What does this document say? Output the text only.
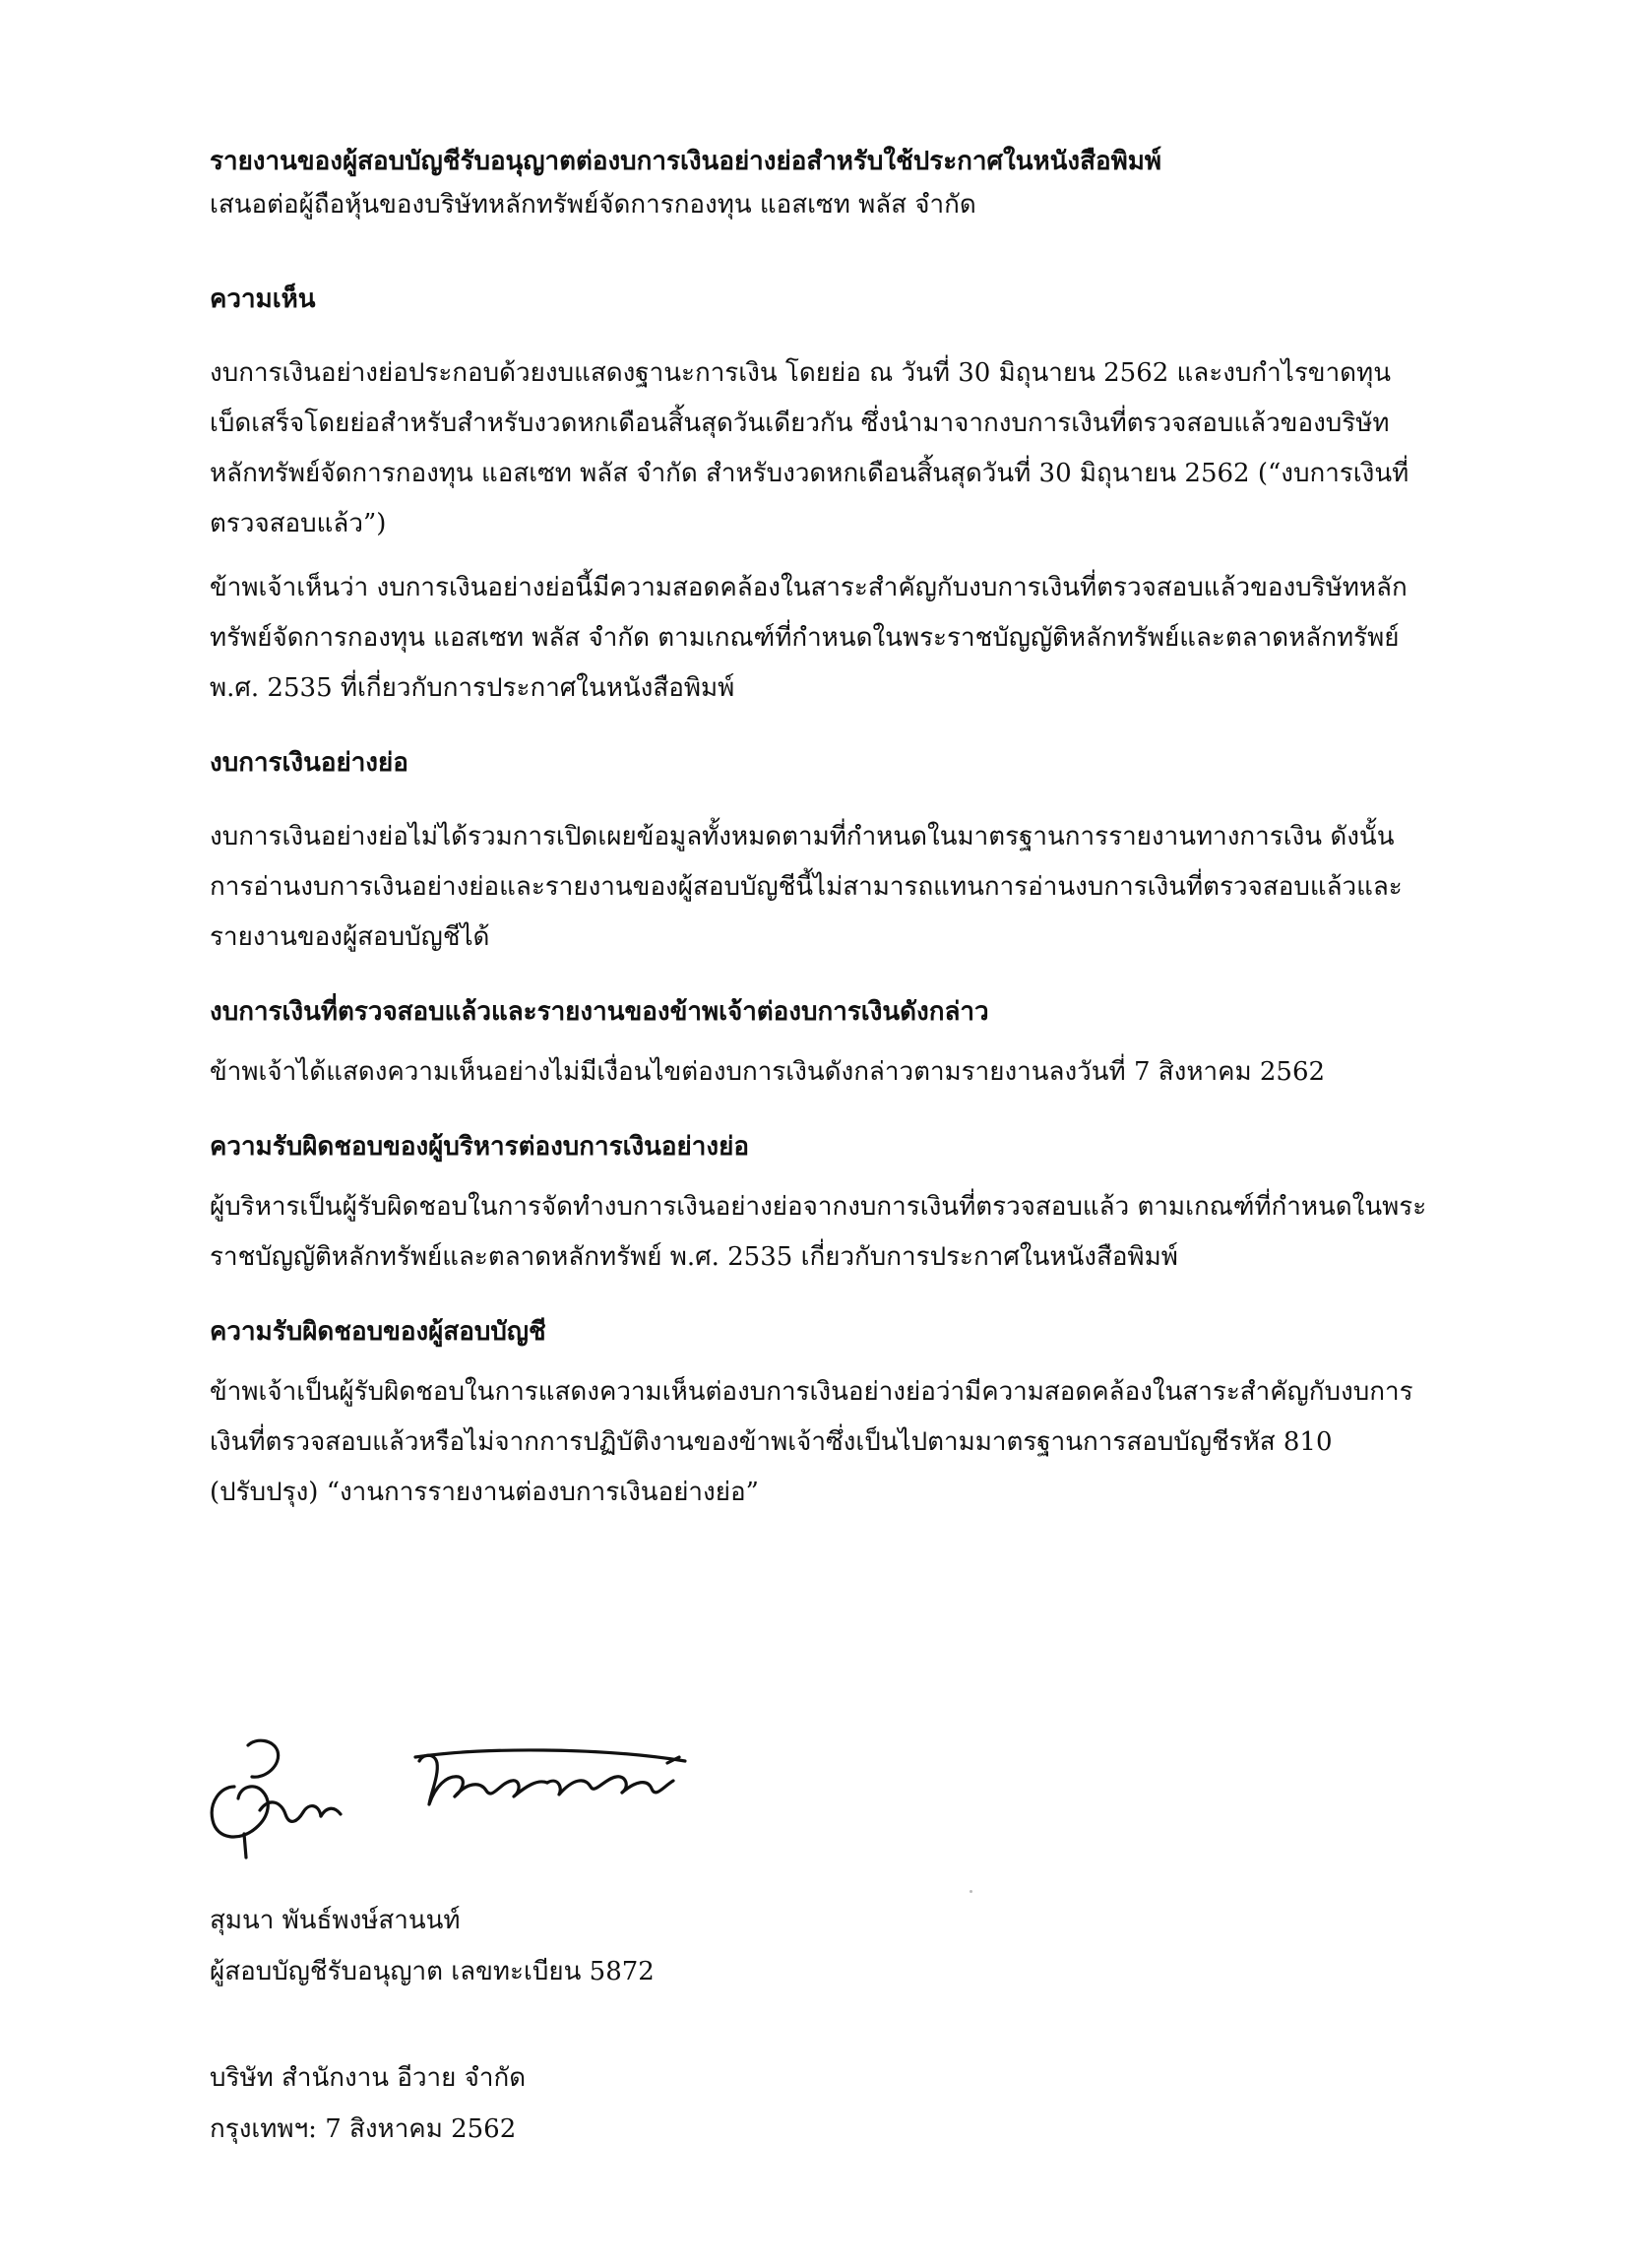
รายงานของผู้สอบบัญชีรับอนุญาตต่องบการเงินอย่างย่อสำหรับใช้ประกาศในหนังสือพิมพ์

เสนอต่อผู้ถือหุ้นของบริษัทหลักทรัพย์จัดการกองทุน แอสเซท พลัส จำกัด

ความเห็น

งบการเงินอย่างย่อประกอบด้วยงบแสดงฐานะการเงิน โดยย่อ ณ วันที่ 30 มิถุนายน 2562 และงบกำไรขาดทุนเบ็ดเสร็จโดยย่อสำหรับสำหรับงวดหกเดือนสิ้นสุดวันเดียวกัน ซึ่งนำมาจากงบการเงินที่ตรวจสอบแล้วของบริษัทหลักทรัพย์จัดการกองทุน แอสเซท พลัส จำกัด สำหรับงวดหกเดือนสิ้นสุดวันที่ 30 มิถุนายน 2562 (“งบการเงินที่ตรวจสอบแล้ว”)

ข้าพเจ้าเห็นว่า งบการเงินอย่างย่อนี้มีความสอดคล้องในสาระสำคัญกับงบการเงินที่ตรวจสอบแล้วของบริษัทหลักทรัพย์จัดการกองทุน แอสเซท พลัส จำกัด ตามเกณฑ์ที่กำหนดในพระราชบัญญัติหลักทรัพย์และตลาดหลักทรัพย์ พ.ศ. 2535 ที่เกี่ยวกับการประกาศในหนังสือพิมพ์

งบการเงินอย่างย่อ

งบการเงินอย่างย่อไม่ได้รวมการเปิดเผยข้อมูลทั้งหมดตามที่กำหนดในมาตรฐานการรายงานทางการเงิน ดังนั้นการอ่านงบการเงินอย่างย่อและรายงานของผู้สอบบัญชีนี้ไม่สามารถแทนการอ่านงบการเงินที่ตรวจสอบแล้วและรายงานของผู้สอบบัญชีได้

งบการเงินที่ตรวจสอบแล้วและรายงานของข้าพเจ้าต่องบการเงินดังกล่าว

ข้าพเจ้าได้แสดงความเห็นอย่างไม่มีเงื่อนไขต่องบการเงินดังกล่าวตามรายงานลงวันที่ 7 สิงหาคม 2562

ความรับผิดชอบของผู้บริหารต่องบการเงินอย่างย่อ

ผู้บริหารเป็นผู้รับผิดชอบในการจัดทำงบการเงินอย่างย่อจากงบการเงินที่ตรวจสอบแล้ว ตามเกณฑ์ที่กำหนดในพระราชบัญญัติหลักทรัพย์และตลาดหลักทรัพย์ พ.ศ. 2535 เกี่ยวกับการประกาศในหนังสือพิมพ์

ความรับผิดชอบของผู้สอบบัญชี

ข้าพเจ้าเป็นผู้รับผิดชอบในการแสดงความเห็นต่องบการเงินอย่างย่อว่ามีความสอดคล้องในสาระสำคัญกับงบการเงินที่ตรวจสอบแล้วหรือไม่จากการปฏิบัติงานของข้าพเจ้าซึ่งเป็นไปตามมาตรฐานการสอบบัญชีรหัส 810 (ปรับปรุง) “งานการรายงานต่องบการเงินอย่างย่อ”

สุมนา พันธ์พงษ์สานนท์

ผู้สอบบัญชีรับอนุญาต เลขทะเบียน 5872

บริษัท สำนักงาน อีวาย จำกัด

กรุงเทพฯ: 7 สิงหาคม 2562
